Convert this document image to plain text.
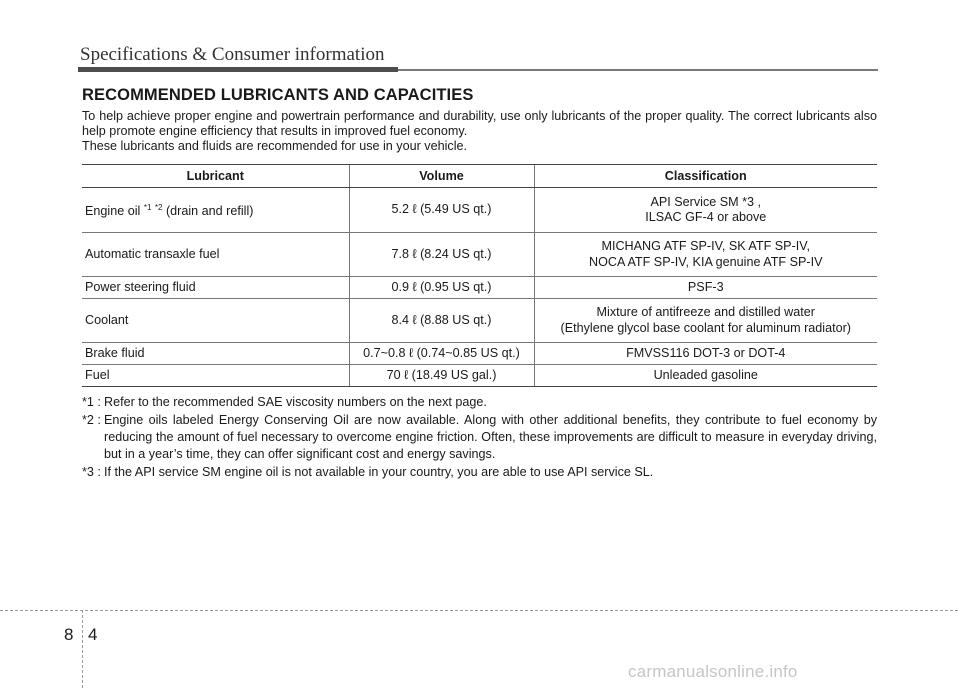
Specifications & Consumer information
RECOMMENDED LUBRICANTS AND CAPACITIES

To help achieve proper engine and powertrain performance and durability, use only lubricants of the proper quality. The correct lubricants also help promote engine efficiency that results in improved fuel economy.

These lubricants and fluids are recommended for use in your vehicle.

Lubricant	Volume	Classification
Engine oil $^{*1}$ $^{*2}$ (drain and refill)	5.2 ℓ (5.49 US qt.)	API Service SM *3 ,
ILSAC GF-4 or above

Automatic transaxle fuel	7.8 ℓ (8.24 US qt.)	MICHANG ATF SP-IV, SK ATF SP-IV,
NOCA ATF SP-IV, KIA genuine ATF SP-IV

Power steering fluid	0.9 ℓ (0.95 US qt.)	PSF-3
Coolant	8.4 ℓ (8.88 US qt.)	Mixture of antifreeze and distilled water
(Ethylene glycol base coolant for aluminum radiator)

Brake fluid	0.7~0.8 ℓ (0.74~0.85 US qt.)	FMVSS116 DOT-3 or DOT-4
Fuel	70 ℓ (18.49 US gal.)	Unleaded gasoline
*1 : Refer to the recommended SAE viscosity numbers on the next page.
*2 : Engine oils labeled Energy Conserving Oil are now available. Along with other additional benefits, they contribute to fuel economy by reducing the amount of fuel necessary to overcome engine friction. Often, these improvements are difficult to measure in everyday driving, but in a year’s time, they can offer significant cost and energy savings.
*3 : If the API service SM engine oil is not available in your country, you are able to use API service SL.
8 4
carmanualsonline.info
